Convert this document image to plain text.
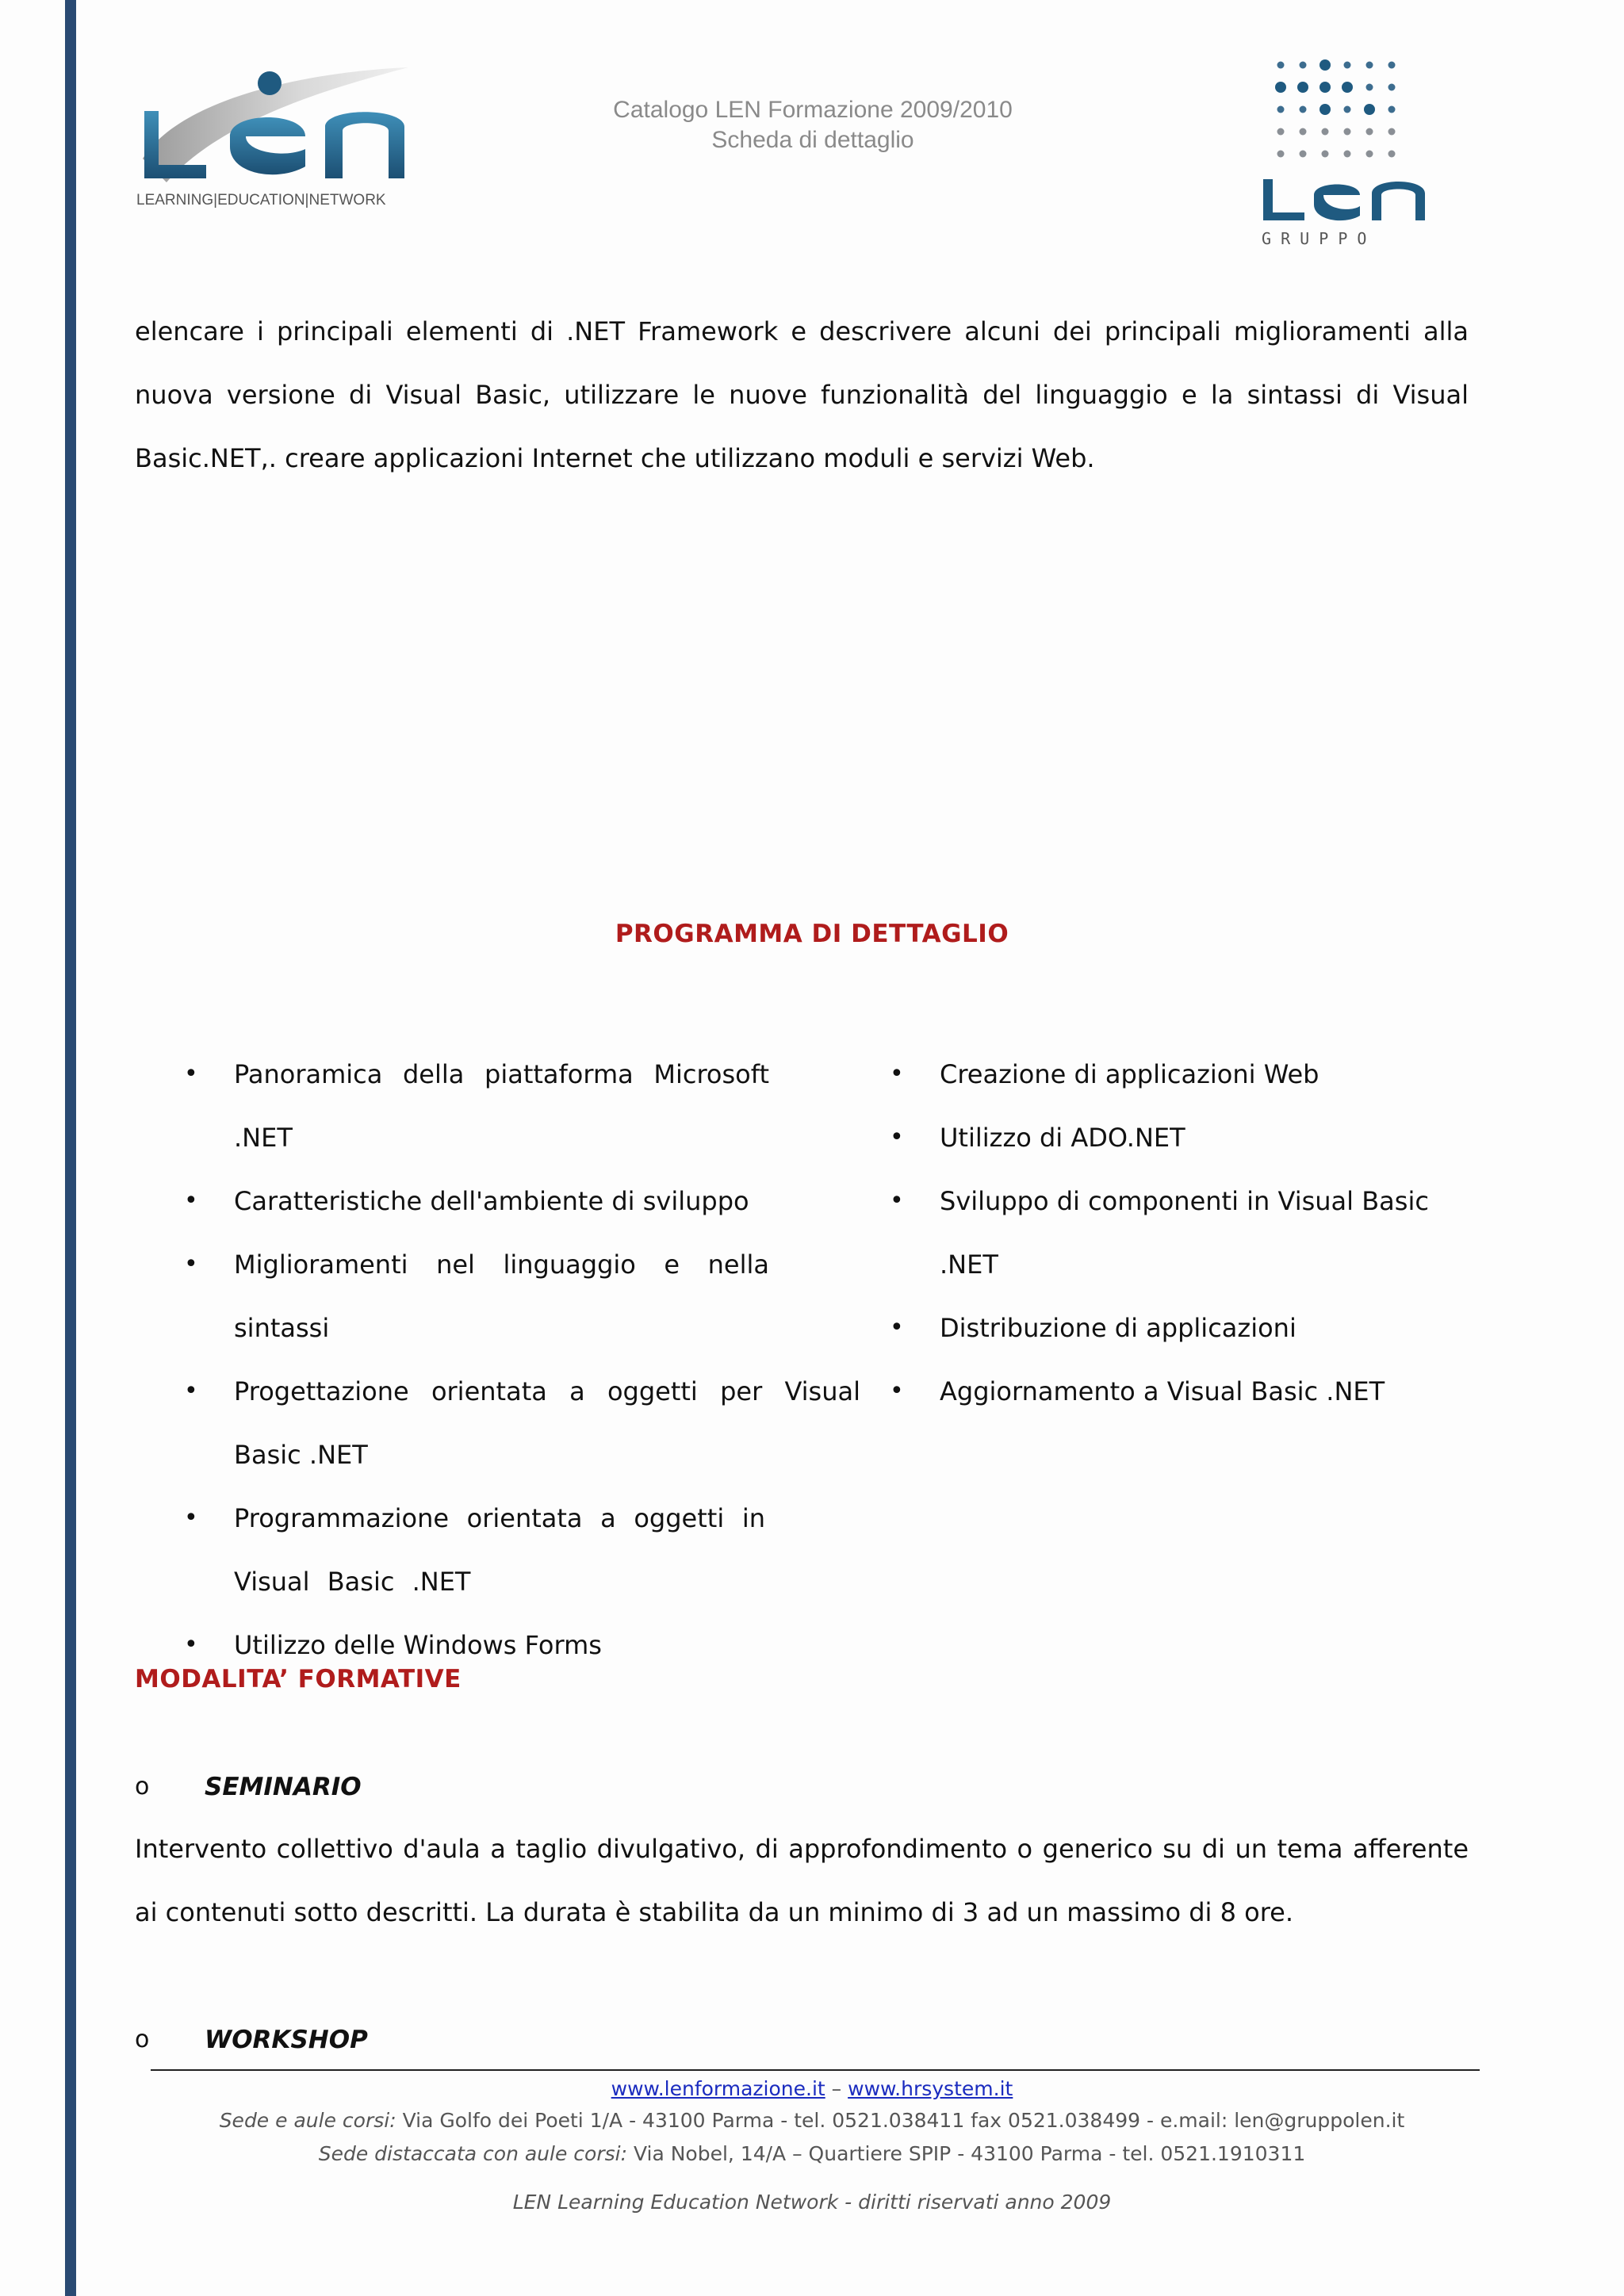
LEARNING|EDUCATION|NETWORK
Catalogo LEN Formazione 2009/2010
Scheda di dettaglio
G R U P P O
elencare i principali elementi di .NET Framework e descrivere alcuni dei principali miglioramenti alla nuova versione di Visual Basic, utilizzare le nuove funzionalità del linguaggio e la sintassi di Visual Basic.NET,. creare applicazioni Internet che utilizzano moduli e servizi Web.
PROGRAMMA DI DETTAGLIO
• Panoramica della piattaforma Microsoft .NET
• Caratteristiche dell'ambiente di sviluppo
• Miglioramenti nel linguaggio e nella sintassi
• Progettazione orientata a oggetti per Visual Basic .NET
• Programmazione orientata a oggetti in Visual Basic .NET
• Utilizzo delle Windows Forms
• Creazione di applicazioni Web
• Utilizzo di ADO.NET
• Sviluppo di componenti in Visual Basic .NET
• Distribuzione di applicazioni
• Aggiornamento a Visual Basic .NET
MODALITA’ FORMATIVE
o SEMINARIO
Intervento collettivo d'aula a taglio divulgativo, di approfondimento o generico su di un tema afferente ai contenuti sotto descritti. La durata è stabilita da un minimo di 3 ad un massimo di 8 ore.
o WORKSHOP
www.lenformazione.it – www.hrsystem.it
Sede e aule corsi: Via Golfo dei Poeti 1/A - 43100 Parma - tel. 0521.038411 fax 0521.038499 - e.mail: len@gruppolen.it
Sede distaccata con aule corsi: Via Nobel, 14/A – Quartiere SPIP - 43100 Parma - tel. 0521.1910311
LEN Learning Education Network - diritti riservati anno 2009
